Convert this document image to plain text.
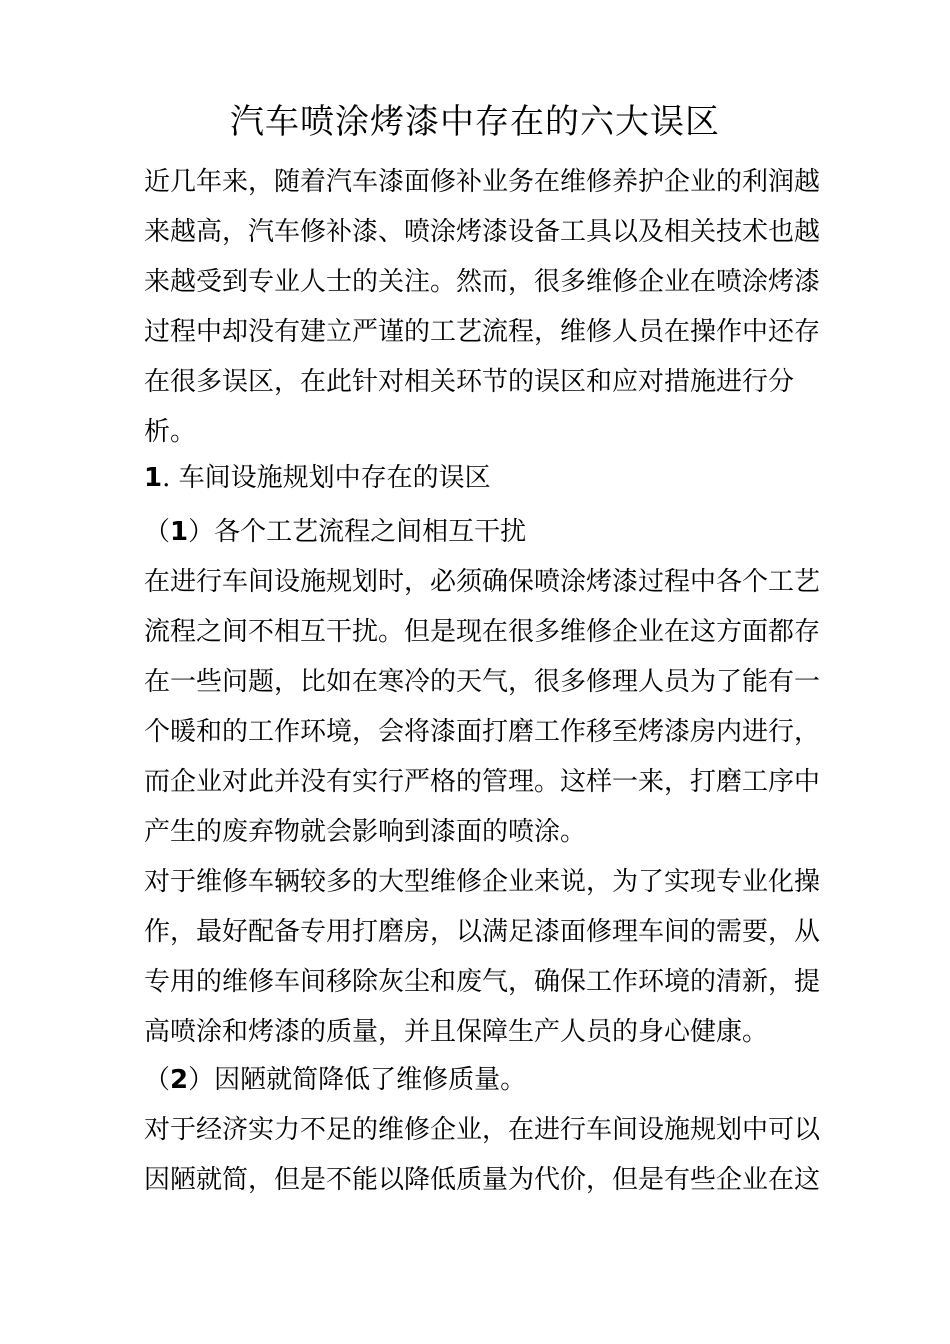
汽车喷涂烤漆中存在的六大误区
近几年来，随着汽车漆面修补业务在维修养护企业的利润越
来越高，汽车修补漆、喷涂烤漆设备工具以及相关技术也越
来越受到专业人士的关注。然而，很多维修企业在喷涂烤漆
过程中却没有建立严谨的工艺流程，维修人员在操作中还存
在很多误区，在此针对相关环节的误区和应对措施进行分
析。
1. 车间设施规划中存在的误区
（1）各个工艺流程之间相互干扰
在进行车间设施规划时，必须确保喷涂烤漆过程中各个工艺
流程之间不相互干扰。但是现在很多维修企业在这方面都存
在一些问题，比如在寒冷的天气，很多修理人员为了能有一
个暖和的工作环境，会将漆面打磨工作移至烤漆房内进行，
而企业对此并没有实行严格的管理。这样一来，打磨工序中
产生的废弃物就会影响到漆面的喷涂。
对于维修车辆较多的大型维修企业来说，为了实现专业化操
作，最好配备专用打磨房，以满足漆面修理车间的需要，从
专用的维修车间移除灰尘和废气，确保工作环境的清新，提
高喷涂和烤漆的质量，并且保障生产人员的身心健康。
（2）因陋就简降低了维修质量。
对于经济实力不足的维修企业，在进行车间设施规划中可以
因陋就简，但是不能以降低质量为代价，但是有些企业在这
